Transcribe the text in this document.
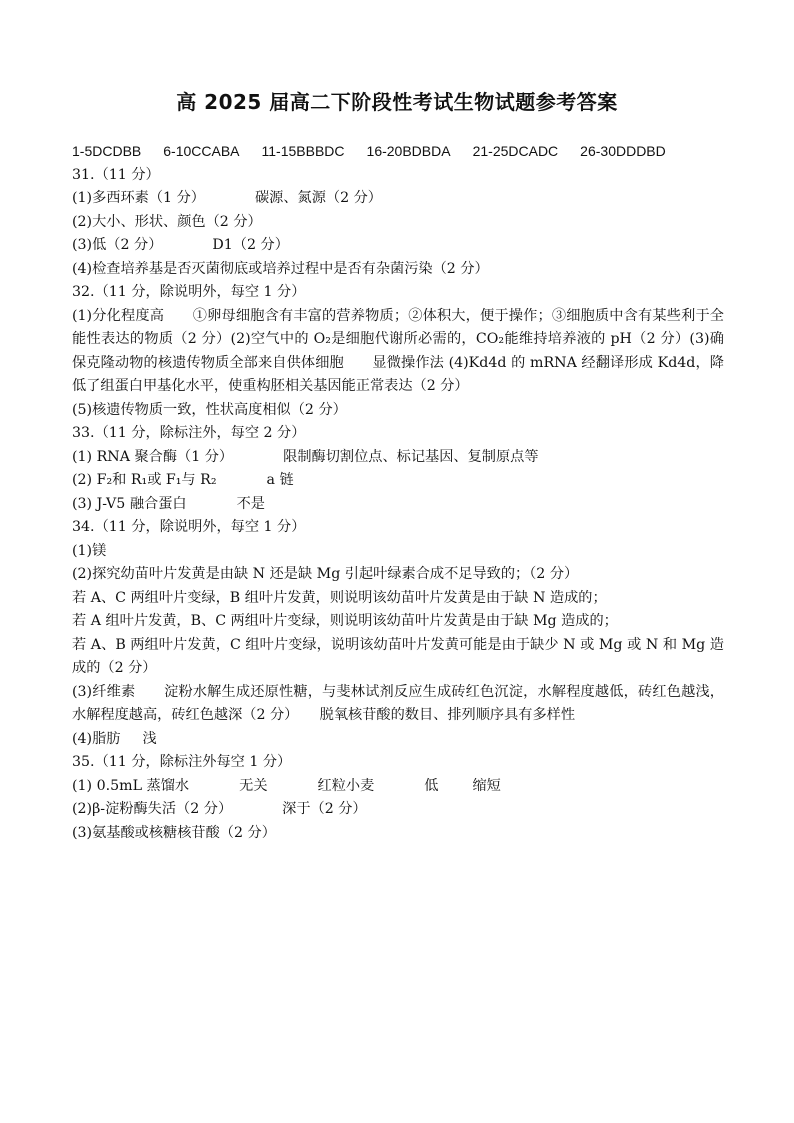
高 2025 届高二下阶段性考试生物试题参考答案
1-5DCDBB 6-10CCABA 11-15BBBDC 16-20BDBDA 21-25DCADC 26-30DDDBD
31.（11 分）
(1)多西环素（1 分）	碳源、氮源（2 分）
(2)大小、形状、颜色（2 分）
(3)低（2 分）	D1（2 分）
(4)检查培养基是否灭菌彻底或培养过程中是否有杂菌污染（2 分）
32.（11 分，除说明外，每空 1 分）
(1)分化程度高　　①卵母细胞含有丰富的营养物质；②体积大，便于操作；③细胞质中含有某些利于全能性表达的物质（2 分）(2)空气中的 O₂是细胞代谢所必需的，CO₂能维持培养液的 pH（2 分）(3)确保克隆动物的核遗传物质全部来自供体细胞　　显微操作法 (4)Kd4d 的 mRNA 经翻译形成 Kd4d，降低了组蛋白甲基化水平，使重构胚相关基因能正常表达（2 分）
(5)核遗传物质一致，性状高度相似（2 分）
33.（11 分，除标注外，每空 2 分）
(1) RNA 聚合酶（1 分）	限制酶切割位点、标记基因、复制原点等
(2) F₂和 R₁或 F₁与 R₂	a 链
(3) J-V5 融合蛋白	不是
34.（11 分，除说明外，每空 1 分）
(1)镁
(2)探究幼苗叶片发黄是由缺 N 还是缺 Mg 引起叶绿素合成不足导致的；（2 分）
若 A、C 两组叶片变绿，B 组叶片发黄，则说明该幼苗叶片发黄是由于缺 N 造成的；
若 A 组叶片发黄，B、C 两组叶片变绿，则说明该幼苗叶片发黄是由于缺 Mg 造成的；
若 A、B 两组叶片发黄，C 组叶片变绿，说明该幼苗叶片发黄可能是由于缺少 N 或 Mg 或 N 和 Mg 造成的（2 分）
(3)纤维素　　淀粉水解生成还原性糖，与斐林试剂反应生成砖红色沉淀，水解程度越低，砖红色越浅，水解程度越高，砖红色越深（2 分）　　脱氧核苷酸的数目、排列顺序具有多样性
(4)脂肪 浅
35.（11 分，除标注外每空 1 分）
(1) 0.5mL 蒸馏水	无关	红粒小麦	低 缩短
(2)β-淀粉酶失活（2 分）	深于（2 分）
(3)氨基酸或核糖核苷酸（2 分）
